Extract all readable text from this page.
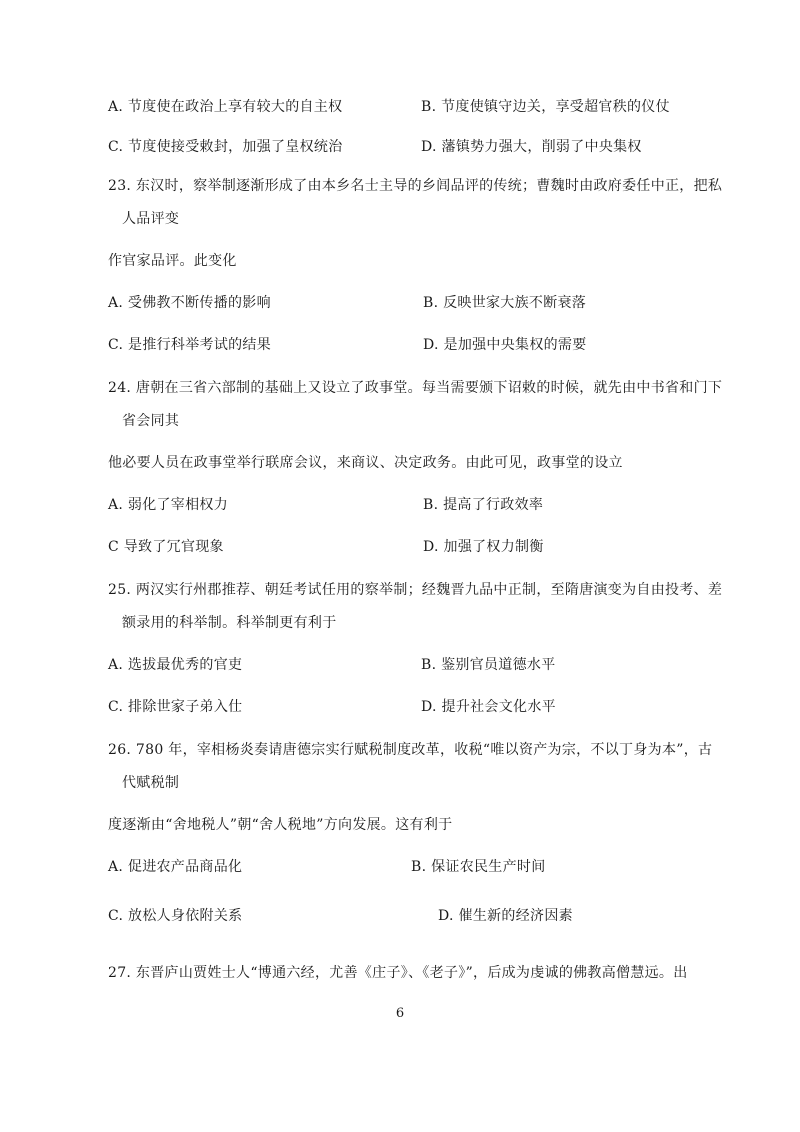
A. 节度使在政治上享有较大的自主权	B. 节度使镇守边关，享受超官秩的仪仗
C. 节度使接受敕封，加强了皇权统治	D. 藩镇势力强大，削弱了中央集权
23. 东汉时，察举制逐渐形成了由本乡名士主导的乡闾品评的传统；曹魏时由政府委任中正，把私
人品评变
作官家品评。此变化
A. 受佛教不断传播的影响	B. 反映世家大族不断衰落
C. 是推行科举考试的结果	D. 是加强中央集权的需要
24. 唐朝在三省六部制的基础上又设立了政事堂。每当需要颁下诏敕的时候，就先由中书省和门下
省会同其
他必要人员在政事堂举行联席会议，来商议、决定政务。由此可见，政事堂的设立
A. 弱化了宰相权力	B. 提高了行政效率
C 导致了冗官现象	D. 加强了权力制衡
25. 两汉实行州郡推荐、朝廷考试任用的察举制；经魏晋九品中正制，至隋唐演变为自由投考、差
额录用的科举制。科举制更有利于
A. 选拔最优秀的官吏	B. 鉴别官员道德水平
C. 排除世家子弟入仕	D. 提升社会文化水平
26. 780 年，宰相杨炎奏请唐德宗实行赋税制度改革，收税“唯以资产为宗，不以丁身为本”，古
代赋税制
度逐渐由“舍地税人”朝“舍人税地”方向发展。这有利于
A. 促进农产品商品化	B. 保证农民生产时间
C. 放松人身依附关系	D. 催生新的经济因素
27. 东晋庐山贾姓士人“博通六经，尤善《庄子》、《老子》”，后成为虔诚的佛教高僧慧远。出
6
